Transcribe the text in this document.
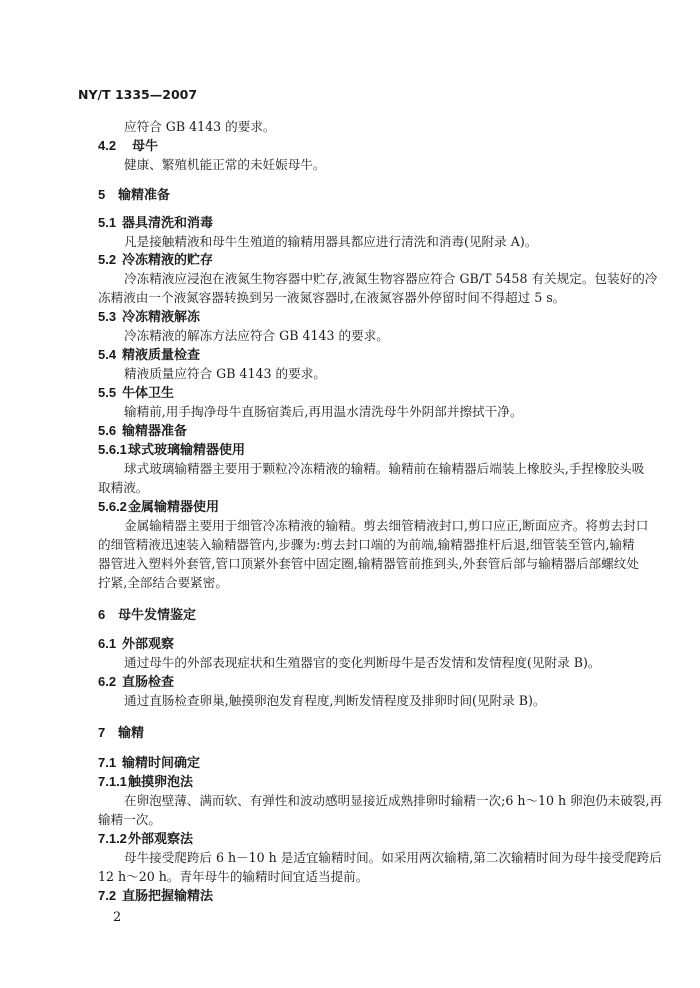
NY/T 1335—2007
应符合 GB 4143 的要求。
4.2 母牛
健康、繁殖机能正常的未妊娠母牛。
5 输精准备
5.1 器具清洗和消毒
凡是接触精液和母牛生殖道的输精用器具都应进行清洗和消毒(见附录 A)。
5.2 冷冻精液的贮存
冷冻精液应浸泡在液氮生物容器中贮存,液氮生物容器应符合 GB/T 5458 有关规定。包装好的冷
冻精液由一个液氮容器转换到另一液氮容器时,在液氮容器外停留时间不得超过 5 s。
5.3 冷冻精液解冻
冷冻精液的解冻方法应符合 GB 4143 的要求。
5.4 精液质量检查
精液质量应符合 GB 4143 的要求。
5.5 牛体卫生
输精前,用手掏净母牛直肠宿粪后,再用温水清洗母牛外阴部并擦拭干净。
5.6 输精器准备
5.6.1球式玻璃输精器使用
球式玻璃输精器主要用于颗粒冷冻精液的输精。输精前在输精器后端装上橡胶头,手捏橡胶头吸
取精液。
5.6.2金属输精器使用
金属输精器主要用于细管冷冻精液的输精。剪去细管精液封口,剪口应正,断面应齐。将剪去封口
的细管精液迅速装入输精器管内,步骤为:剪去封口端的为前端,输精器推杆后退,细管装至管内,输精
器管进入塑料外套管,管口顶紧外套管中固定圈,输精器管前推到头,外套管后部与输精器后部螺纹处
拧紧,全部结合要紧密。
6 母牛发情鉴定
6.1 外部观察
通过母牛的外部表现症状和生殖器官的变化判断母牛是否发情和发情程度(见附录 B)。
6.2 直肠检查
通过直肠检查卵巢,触摸卵泡发育程度,判断发情程度及排卵时间(见附录 B)。
7 输精
7.1 输精时间确定
7.1.1触摸卵泡法
在卵泡壁薄、满而软、有弹性和波动感明显接近成熟排卵时输精一次;6 h～10 h 卵泡仍未破裂,再
输精一次。
7.1.2外部观察法
母牛接受爬跨后 6 h－10 h 是适宜输精时间。如采用两次输精,第二次输精时间为母牛接受爬跨后
12 h～20 h。青年母牛的输精时间宜适当提前。
7.2 直肠把握输精法
2
